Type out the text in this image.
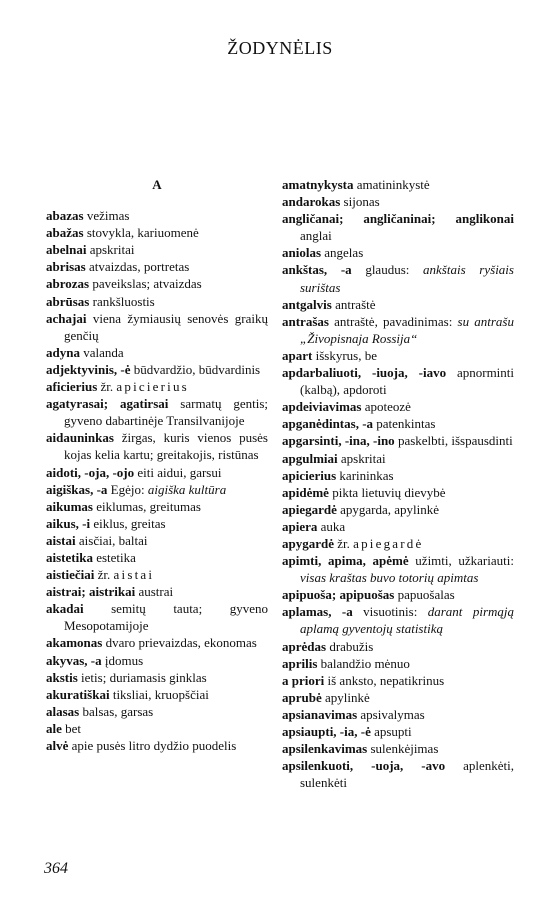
ŽODYNĖLIS
A
abazas vežimas
abažas stovykla, kariuomenė
abelnai apskritai
abrisas atvaizdas, portretas
abrozas paveikslas; atvaizdas
abrūsas rankšluostis
achajai viena žymiausių senovės graikų genčių
adyna valanda
adjektyvinis, -ė būdvardžio, būdvardinis
aficierius žr. apicierius
agatyrasai; agatirsai sarmatų gentis; gyveno dabartinėje Transilvanijoje
aidauninkas žirgas, kuris vienos pusės kojas kelia kartu; greitakojis, ristūnas
aidoti, -oja, -ojo eiti aidui, garsui
aigiškas, -a Egėjo: aigiška kultūra
aikumas eiklumas, greitumas
aikus, -i eiklus, greitas
aistai aisčiai, baltai
aistetika estetika
aistiečiai žr. aistai
aistrai; aistrikai austrai
akadai semitų tauta; gyveno Mesopotamijoje
akamonas dvaro prievaizdas, ekonomas
akyvas, -a įdomus
akstis ietis; duriamasis ginklas
akuratiškai tiksliai, kruopščiai
alasas balsas, garsas
ale bet
alvė apie pusės litro dydžio puodelis
amatnykysta amatininkystė
andarokas sijonas
angličanai; angličaninai; anglikonai anglai
aniolas angelas
ankštas, -a glaudus: ankštais ryšiais surištas
antgalvis antraštė
antrašas antraštė, pavadinimas: su antrašu „Živopisnaja Rossija“
apart išskyrus, be
apdarbaliuoti, -iuoja, -iavo apnorminti (kalbą), apdoroti
apdeiviavimas apoteozė
apganėdintas, -a patenkintas
apgarsinti, -ina, -ino paskelbti, išspausdinti
apgulmiai apskritai
apicierius karininkas
apidėmė pikta lietuvių dievybė
apiegardė apygarda, apylinkė
apiera auka
apygardė žr. apiegardė
apimti, apima, apėmė užimti, užkariauti: visas kraštas buvo totorių apimtas
apipuoša; apipuošas papuošalas
aplamas, -a visuotinis: darant pirmąją aplamą gyventojų statistiką
aprėdas drabužis
aprilis balandžio mėnuo
a priori iš anksto, nepatikrinus
aprubė apylinkė
apsianavimas apsivalymas
apsiaupti, -ia, -ė apsupti
apsilenkavimas sulenkėjimas
apsilenkuoti, -uoja, -avo aplenkėti, sulenkėti
364
